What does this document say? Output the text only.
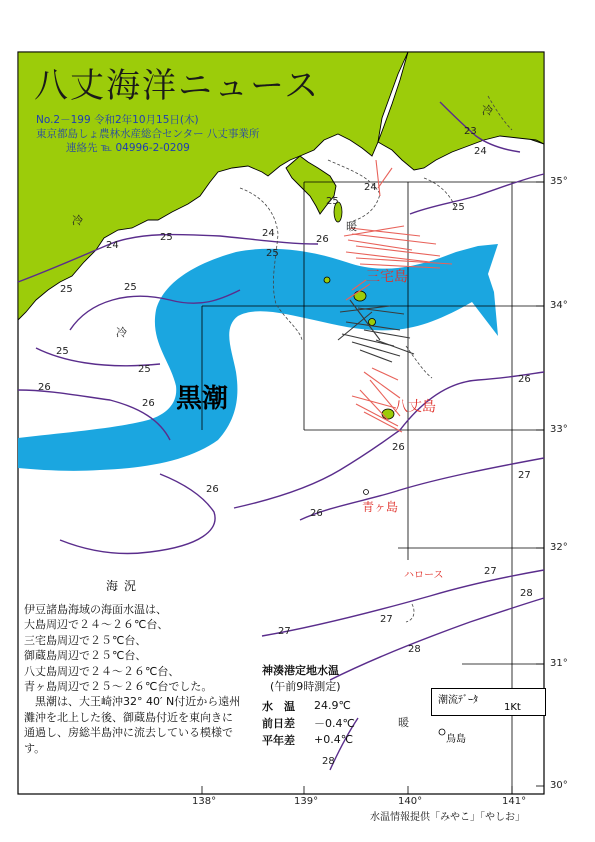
八丈海洋ニュース
No.2－199 令和2年10月15日(木)
東京都島しょ農林水産総合センター 八丈事業所
連絡先 ℡ 04996-2-0209
黒潮
三宅島
八丈島
青ヶ島
ハロース
鳥島
冷
冷
冷
暖
暖
23
24
24
24
24
25
25	25
25
25
25
25
25
26
26
26
26
26
26
26
27
27
27
27
28
28
28
35°
34°
33°
32°
31°
30°
138°	139°	140°	141°
海況

伊豆諸島海域の海面水温は、
大島周辺で２４～２６℃台、
三宅島周辺で２５℃台、
御蔵島周辺で２５℃台、
八丈島周辺で２４～２６℃台、
青ヶ島周辺で２５～２６℃台でした。
　黒潮は、大王崎沖32° 40′ N付近から遠州
灘沖を北上した後、御蔵島付近を東向きに
通過し、房総半島沖に流去している模様で
す。

神湊港定地水温
(午前9時測定)
水　温	24.9℃
前日差	－0.4℃
平年差	+0.4℃
潮流ﾃﾞｰﾀ
1Kt
水温情報提供「みやこ」「やしお」
